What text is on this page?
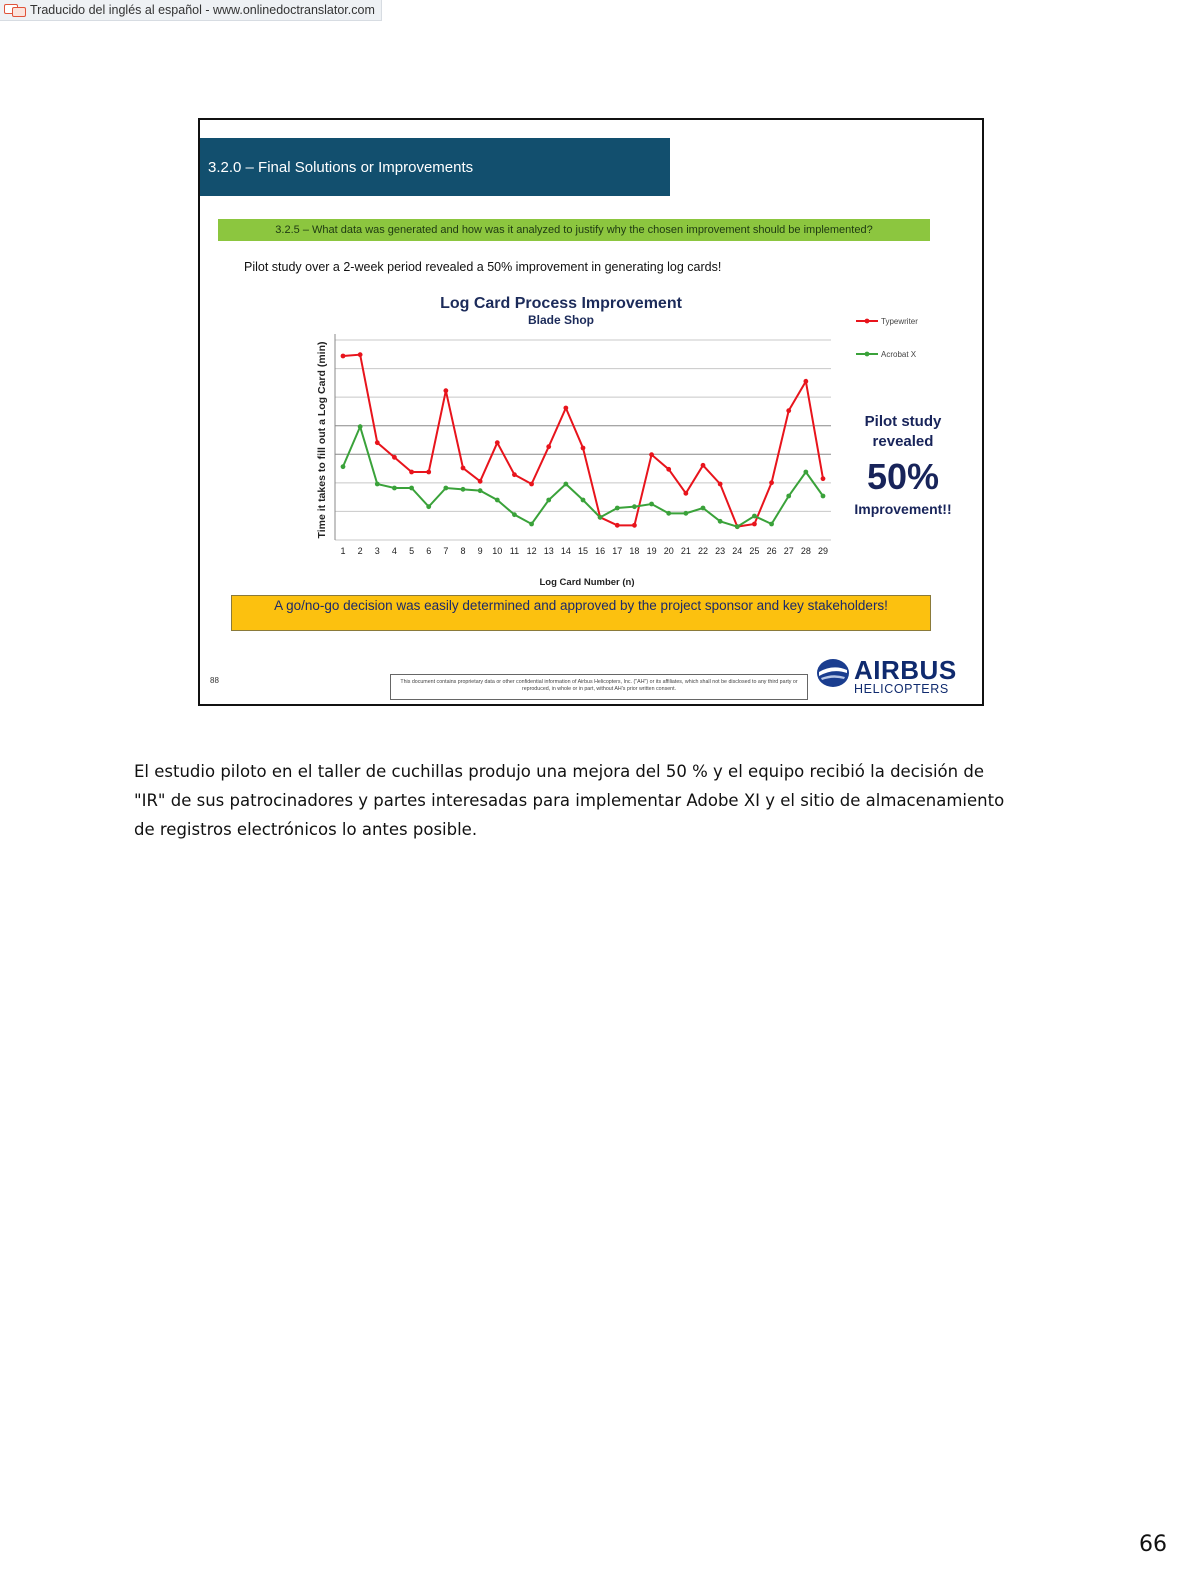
Traducido del inglés al español - www.onlinedoctranslator.com
3.2.0 – Final Solutions or Improvements
3.2.5 – What data was generated and how was it analyzed to justify why the chosen improvement should be implemented?
Pilot study over a 2-week period revealed a 50% improvement in generating log cards!
Log Card Process Improvement
Blade Shop
Time it takes to fill out a Log Card (min)
Log Card Number (n)
1 2 3 4 5 6 7 8 9 10 11 12 13 14 15 16 17 18 19 20 21 22 23 24 25 26 27 28 29
Typewriter
Acrobat X
Pilot study
revealed
50%
Improvement!!
A go/no-go decision was easily determined and approved by the project sponsor and key stakeholders!
88	This document contains proprietary data or other confidential information of Airbus Helicopters, Inc. ("AH") or its affiliates, which shall not be disclosed to any third party or reproduced, in whole or in part, without AH's prior written consent.
AIRBUS
HELICOPTERS

El estudio piloto en el taller de cuchillas produjo una mejora del 50 % y el equipo recibió la decisión de

"IR" de sus patrocinadores y partes interesadas para implementar Adobe XI y el sitio de almacenamiento

de registros electrónicos lo antes posible.

66
